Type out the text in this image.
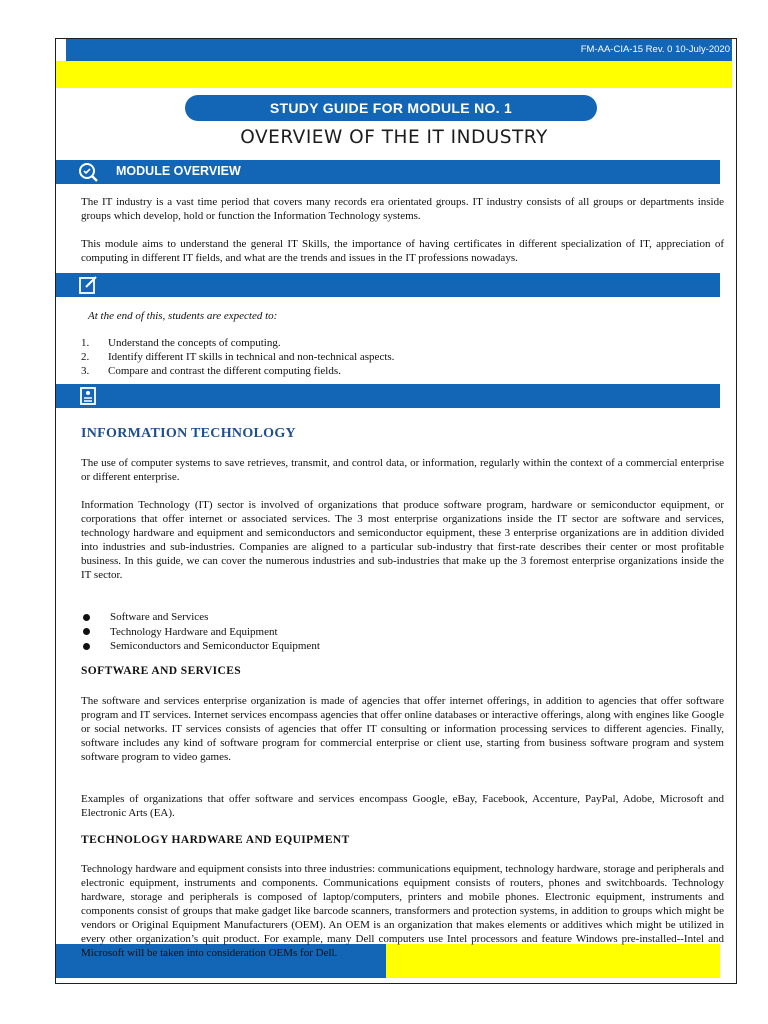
FM-AA-CIA-15 Rev. 0 10-July-2020
STUDY GUIDE FOR MODULE NO. 1
OVERVIEW OF THE IT INDUSTRY
MODULE OVERVIEW
The IT industry is a vast time period that covers many records era orientated groups. IT industry consists of all groups or departments inside groups which develop, hold or function the Information Technology systems.
This module aims to understand the general IT Skills, the importance of having certificates in different specialization of IT, appreciation of computing in different IT fields, and what are the trends and issues in the IT professions nowadays.
At the end of this, students are expected to:
1.	Understand the concepts of computing.
2.	Identify different IT skills in technical and non-technical aspects.
3.	Compare and contrast the different computing fields.
INFORMATION TECHNOLOGY
The use of computer systems to save retrieves, transmit, and control data, or information, regularly within the context of a commercial enterprise or different enterprise.
Information Technology (IT) sector is involved of organizations that produce software program, hardware or semiconductor equipment, or corporations that offer internet or associated services. The 3 most enterprise organizations inside the IT sector are software and services, technology hardware and equipment and semiconductors and semiconductor equipment, these 3 enterprise organizations are in addition divided into industries and sub-industries. Companies are aligned to a particular sub-industry that first-rate describes their center or most profitable business. In this guide, we can cover the numerous industries and sub-industries that make up the 3 foremost enterprise organizations inside the IT sector.
Software and Services
Technology Hardware and Equipment
Semiconductors and Semiconductor Equipment
SOFTWARE AND SERVICES
The software and services enterprise organization is made of agencies that offer internet offerings, in addition to agencies that offer software program and IT services. Internet services encompass agencies that offer online databases or interactive offerings, along with engines like Google or social networks. IT services consists of agencies that offer IT consulting or information processing services to different agencies. Finally, software includes any kind of software program for commercial enterprise or client use, starting from business software program and system software program to video games.
Examples of organizations that offer software and services encompass Google, eBay, Facebook, Accenture, PayPal, Adobe, Microsoft and Electronic Arts (EA).
TECHNOLOGY HARDWARE AND EQUIPMENT
Technology hardware and equipment consists into three industries: communications equipment, technology hardware, storage and peripherals and electronic equipment, instruments and components. Communications equipment consists of routers, phones and switchboards. Technology hardware, storage and peripherals is composed of laptop/computers, printers and mobile phones. Electronic equipment, instruments and components consist of groups that make gadget like barcode scanners, transformers and protection systems, in addition to groups which might be vendors or Original Equipment Manufacturers (OEM). An OEM is an organization that makes elements or additives which might be utilized in every other organization’s quit product. For example, many Dell computers use Intel processors and feature Windows pre-installed--Intel and Microsoft will be taken into consideration OEMs for Dell.
